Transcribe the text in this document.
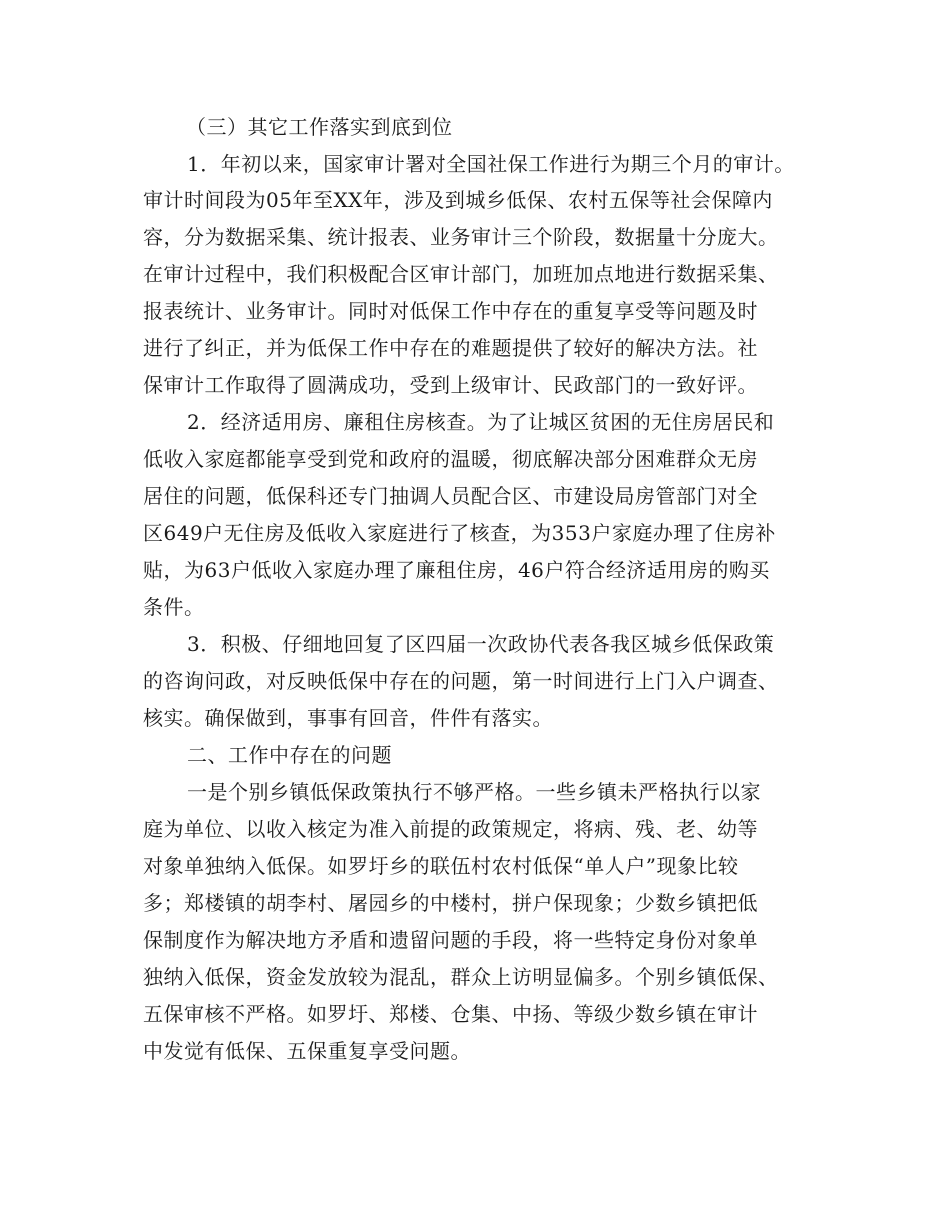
（三）其它工作落实到底到位
1．年初以来，国家审计署对全国社保工作进行为期三个月的审计。
审计时间段为05年至XX年，涉及到城乡低保、农村五保等社会保障内
容，分为数据采集、统计报表、业务审计三个阶段，数据量十分庞大。
在审计过程中，我们积极配合区审计部门，加班加点地进行数据采集、
报表统计、业务审计。同时对低保工作中存在的重复享受等问题及时
进行了纠正，并为低保工作中存在的难题提供了较好的解决方法。社
保审计工作取得了圆满成功，受到上级审计、民政部门的一致好评。
2．经济适用房、廉租住房核查。为了让城区贫困的无住房居民和
低收入家庭都能享受到党和政府的温暖，彻底解决部分困难群众无房
居住的问题，低保科还专门抽调人员配合区、市建设局房管部门对全
区649户无住房及低收入家庭进行了核查，为353户家庭办理了住房补
贴，为63户低收入家庭办理了廉租住房，46户符合经济适用房的购买
条件。
3．积极、仔细地回复了区四届一次政协代表各我区城乡低保政策
的咨询问政，对反映低保中存在的问题，第一时间进行上门入户调查、
核实。确保做到，事事有回音，件件有落实。
二、工作中存在的问题
一是个别乡镇低保政策执行不够严格。一些乡镇未严格执行以家
庭为单位、以收入核定为准入前提的政策规定，将病、残、老、幼等
对象单独纳入低保。如罗圩乡的联伍村农村低保“单人户”现象比较
多；郑楼镇的胡李村、屠园乡的中楼村，拼户保现象；少数乡镇把低
保制度作为解决地方矛盾和遗留问题的手段，将一些特定身份对象单
独纳入低保，资金发放较为混乱，群众上访明显偏多。个别乡镇低保、
五保审核不严格。如罗圩、郑楼、仓集、中扬、等级少数乡镇在审计
中发觉有低保、五保重复享受问题。
